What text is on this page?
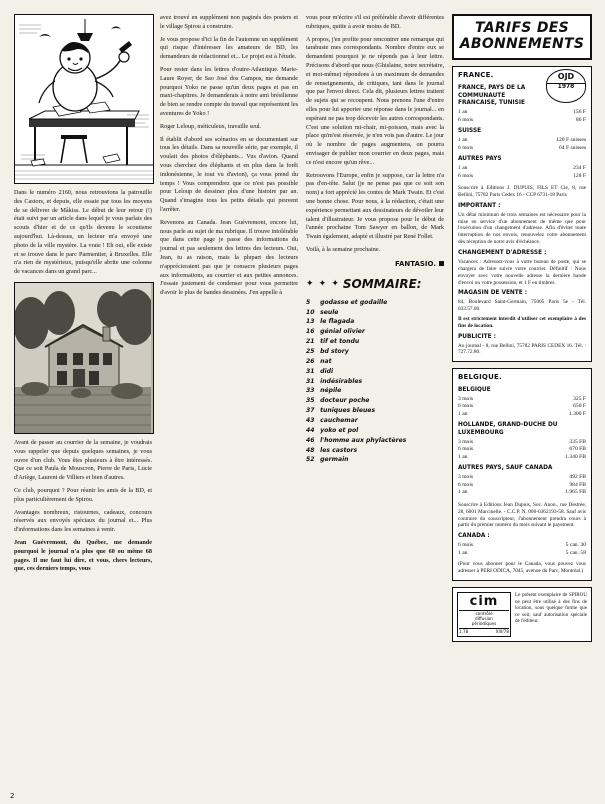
Dans le numéro 2160, nous retrouvions la patrouille des Castors, et depuis, elle essaie par tous les moyens de se délivrer de Mâkiss. Le début de leur retour (!) était suivi par un article dans lequel je vous parlais des scouts d'hier et de ce qu'ils devenu le scoutisme aujourd'hui. Là-dessus, un lecteur m'a envoyé une photo de la ville mystère. La vraie ! Eh oui, elle existe et se trouve dans le parc Parmentier, à Bruxelles. Elle n'a rien de mystérieux, puisqu'elle abrite une colonne de vacances dans un grand parc...

Avant de passer au courrier de la semaine, je voudrais vous rappeler que depuis quelques semaines, je vous ouvre d'un club. Vous êtes plusieurs à être intéressés. Que ce soit Paula de Mouscron, Pierre de Paris, Lucie d'Ariège, Laurent de Villiers et bien d'autres.

Ce club, pourquoi ? Pour réunir les amis de la BD, et plus particulièrement de Spirou.

Avantages nombreux, ristournes, cadeaux, concours réservés aux envoyés spéciaux du journal et... Plus d'informations dans les semaines à venir.

Jean Guévremont, du Québec, me demande pourquoi le journal n'a plus que 60 ou même 68 pages. Il me faut lui dire, et vous, chers lecteurs, que, ces derniers temps, vous

avez trouvé en supplément non paginés des posters et le village Spirou à construire.

Je vous propose d'ici la fin de l'automne un supplément qui risque d'intéresser les amateurs de BD, les demandeurs de rédactionnel et... Le projet est à l'étude.

Pour rester dans les lettres d'outre-Atlantique. Marie-Laure Royer, de Sao José dos Campos, me demande pourquoi Yoko ne passe qu'un deux pages et pas en maxi-chapitres. Je demanderais à notre ami brésilienne de bien se rendre compte du travail que représentent les aventures de Yoko !

Roger Leloup, méticuleux, travaille seul.

Il établit d'abord ses scénarios en se documentant sur tous les détails. Dans sa nouvelle série, par exemple, il voulait des photos d'éléphants... Vus d'avion. Quand vous cherchez des éléphants et en plus dans la forêt indonésienne, le tout vu d'avion), ça vous prend du temps ! Vous comprendrez que ce n'est pas possible pour Leloup de dessiner plus d'une histoire par an. Quand s'imagine tous les petits détails qui peuvent l'arrêter.

Revenons au Canada. Jean Guévremont, encore lui, nous parle au sujet de ma rubrique. Il trouve intolérable que dans cette page je passe des informations du journal et pas seulement des lettres des lecteurs. Oui, Jean, tu as raison, mais la plupart des lecteurs n'apprécieraient pas que je consacre plusieurs pages aux informations, au courrier et aux petites annonces. J'essaie justement de condenser pour vous permettre d'avoir le plus de bandes dessinées. J'en appelle à

vous pour m'écrire s'il est préférable d'avoir différentes rubriques, quitte à avoir moins de BD.

A propos, j'en profite pour rencontrer une remarque qui tarabuste mes correspondants. Nombre d'entre eux se demandent pourquoi je ne réponds pas à leur lettre. Précisons d'abord que nous (Ghislaine, notre secrétaire, et moi-même) répondons à un maximum de demandes de renseignements, de critiques, tant dans le journal que par l'envoi direct. Cela dit, plusieurs lettres traitent de sujets qui se recoupent. Nous prenons l'une d'entre elles pour lui apporter une réponse dans le journal... en espérant ne pas trop décevoir les autres correspondants. C'est une solution mi-chair, mi-poisson, mais avec la place qu'm'est réservée, je n'en vois pas d'autre. Le jour où le nombre de pages augmentera, on pourra envisager de publier mon courrier en deux pages, mais ce n'est encore qu'un rêve...

Retrouvons l'Europe, enfin je suppose, car la lettre n'a pas d'en-tête. Salut (je ne pense pas que ce soit son nom) a fort apprécié les contes de Mark Twain. Et c'est une bonne chose. Pour nous, à la rédaction, c'était une expérience permettant aux dessinateurs de dévoiler leur talent d'illustrateur. Je vous propose pour le début de l'année prochaine Tom Sawyer en ballon, de Mark Twain également, adapté et illustré par René Follet.

Voilà, à la semaine prochaine.

FANTASIO.
✦ ✦ ✦ SOMMAIRE:
5 godasse et godaille
10 seule
13 le flagada
16 génial olivier
21 tif et tondu
25 bd story
26 nat
31 didi
31 indésirables
33 népile
35 docteur poche
37 tuniques bleues
43 cauchemar
44 yoko et pol
46 l'homme aux phylactères
48 les castors
52 germain
TARIFS DES
ABONNEMENTS
OJD
1978
FRANCE.
FRANCE, PAYS DE LA COMMUNAUTE FRANCAISE, TUNISIE
1 an	156 F
6 mois	86 F
SUISSE
1 an	120 F suisses
6 mois	64 F suisses
AUTRES PAYS
1 an	234 F
6 mois	128 F

Souscrire à Editions J. DUPUIS, FILS ET Cie, 8, rue Bellini, 75782 Paris Cedex 16 - CCP 6731-18 Paris

IMPORTANT :

Un délai minimum de trois semaines est nécessaire pour la mise en service d'un abonnement de même que pour l'exécution d'un changement d'adresse. Afin d'éviter toute interruption de nos envois, renouvelez votre abonnement dès réception de notre avis d'échéance.

CHANGEMENT D'ADRESSE :

Vacances : Adressez-vous à votre bureau de poste, qui se chargera de faire suivre votre courrier. Définitif : Nous envoyer avec votre nouvelle adresse la dernière bande d'envoi ou votre possession, et 1 F en timbres.

MAGASIN DE VENTE :

84, Boulevard Saint-Germain, 75005 Paris 5e - Tél. 033.57.00.

Il est strictement interdit d'utiliser cet exemplaire à des fins de location.

PUBLICITE :

Au journal - 8, rue Bellini, 75782 PARIS CEDEX 16. Tél. : 727.72.80.

BELGIQUE.
BELGIQUE
3 mois	325 F
6 mois	650 F
1 an	1.300 F
HOLLANDE, GRAND-DUCHE DU LUXEMBOURG
3 mois	335 FB
6 mois	670 FB
1 an	1.340 FB
AUTRES PAYS, SAUF CANADA
3 mois	492 FB
6 mois	984 FB
1 an	1.965 FB

Souscrire à Editions Jean Dupuis, Soc. Anon., rue Destrée, 28, 6001 Marcinelle. - C.C.P. N. 000-0362193-58. Sauf avis contraire du souscripteur, l'abonnement prendra cours à partir du premier numéro du mois suivant le payement.

CANADA :
6 mois	5 can. 30
1 an	5 can. 58

(Pour vous abonner pour le Canada, vous pouvez vous adresser à PERI ODICA, 7045, avenue du Parc, Montréal.)

cim
contrôle
diffusion
périodiques
1.78	XIII/78
Le présent exemplaire de SPIROU ne peut être utilisé à des fins de location, sous quelque forme que ce soit, sauf autorisation spéciale de l'éditeur.
2
